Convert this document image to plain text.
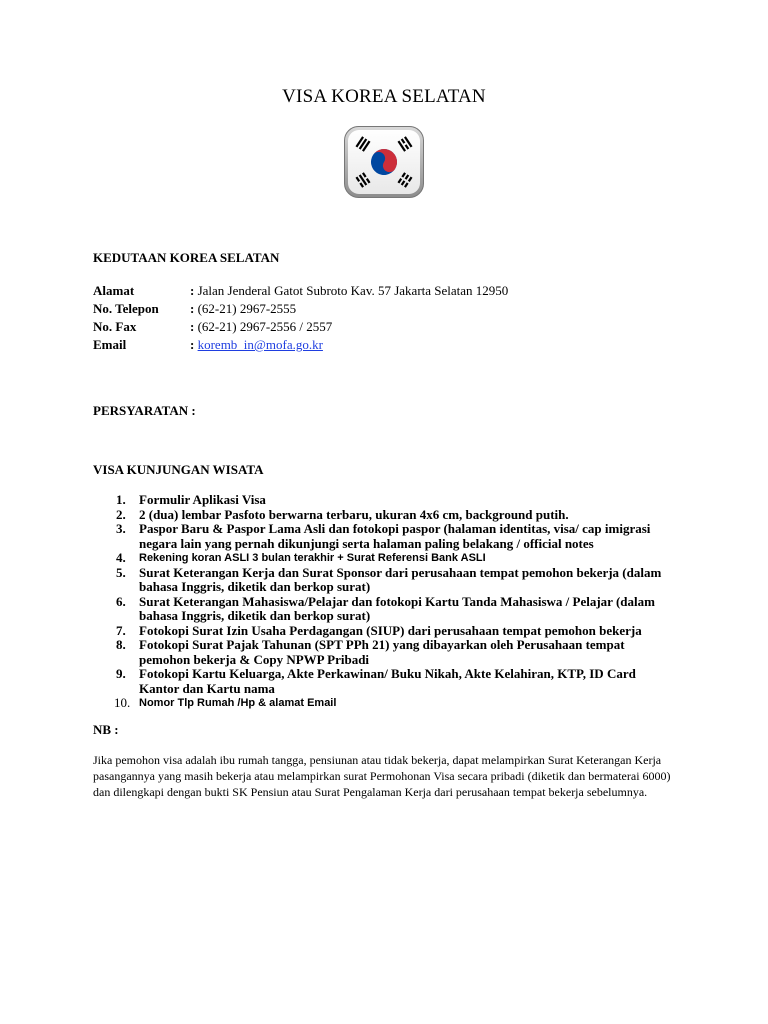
VISA KOREA SELATAN
KEDUTAAN KOREA SELATAN
Alamat	: Jalan Jenderal Gatot Subroto Kav. 57 Jakarta Selatan 12950
No. Telepon : (62-21) 2967-2555
No. Fax	: (62-21) 2967-2556 / 2557
Email	: koremb_in@mofa.go.kr
PERSYARATAN :
VISA KUNJUNGAN WISATA
1. Formulir Aplikasi Visa
2. 2 (dua) lembar Pasfoto berwarna terbaru, ukuran 4x6 cm, background putih.
3. Paspor Baru & Paspor Lama Asli dan fotokopi paspor (halaman identitas, visa/ cap imigrasi negara lain yang pernah dikunjungi serta halaman paling belakang / official notes
4. Rekening koran ASLI 3 bulan terakhir + Surat Referensi Bank ASLI
5. Surat Keterangan Kerja dan Surat Sponsor dari perusahaan tempat pemohon bekerja (dalam bahasa Inggris, diketik dan berkop surat)
6. Surat Keterangan Mahasiswa/Pelajar dan fotokopi Kartu Tanda Mahasiswa / Pelajar (dalam bahasa Inggris, diketik dan berkop surat)
7. Fotokopi Surat Izin Usaha Perdagangan (SIUP) dari perusahaan tempat pemohon bekerja
8. Fotokopi Surat Pajak Tahunan (SPT PPh 21) yang dibayarkan oleh Perusahaan tempat pemohon bekerja & Copy NPWP Pribadi
9. Fotokopi Kartu Keluarga, Akte Perkawinan/ Buku Nikah, Akte Kelahiran, KTP, ID Card Kantor dan Kartu nama
10. Nomor Tlp Rumah /Hp & alamat Email
NB :
Jika pemohon visa adalah ibu rumah tangga, pensiunan atau tidak bekerja, dapat melampirkan Surat Keterangan Kerja pasangannya yang masih bekerja atau melampirkan surat Permohonan Visa secara pribadi (diketik dan bermaterai 6000) dan dilengkapi dengan bukti SK Pensiun atau Surat Pengalaman Kerja dari perusahaan tempat bekerja sebelumnya.
